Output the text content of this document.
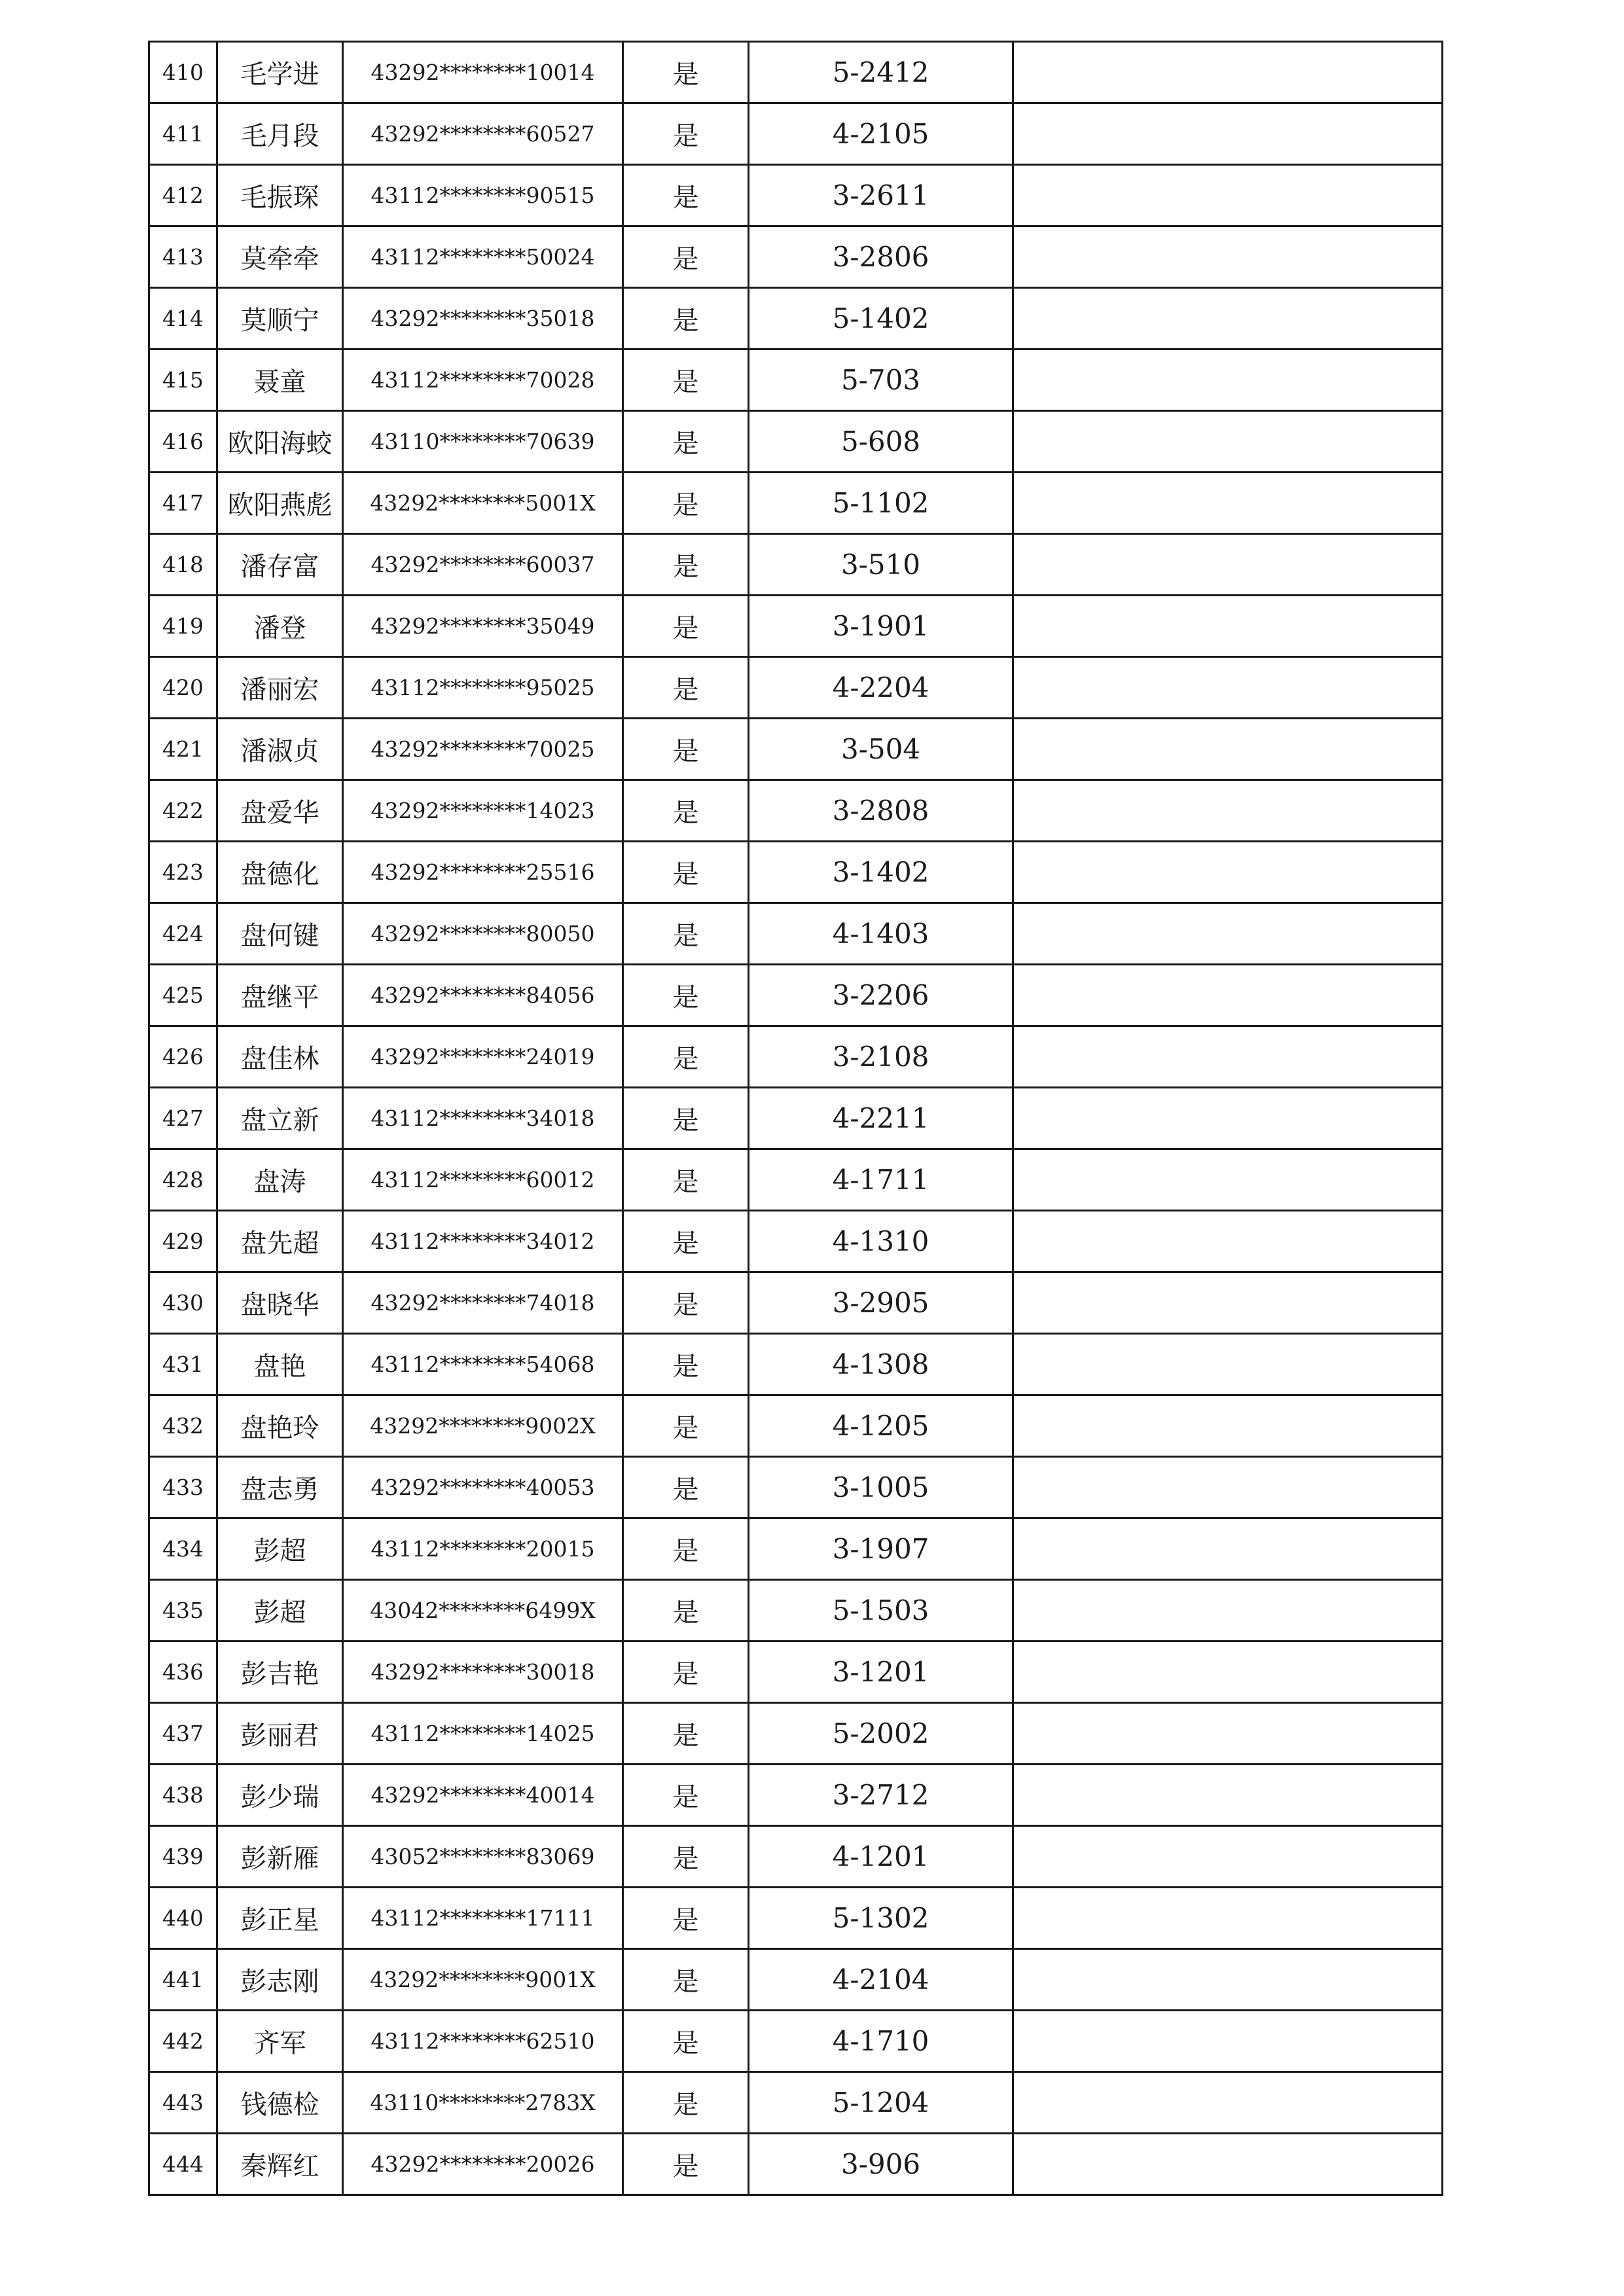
410	毛学进	43292********10014	是	5-2412	
411	毛月段	43292********60527	是	4-2105	
412	毛振琛	43112********90515	是	3-2611	
413	莫牵牵	43112********50024	是	3-2806	
414	莫顺宁	43292********35018	是	5-1402	
415	聂童	43112********70028	是	5-703	
416	欧阳海蛟	43110********70639	是	5-608	
417	欧阳燕彪	43292********5001X	是	5-1102	
418	潘存富	43292********60037	是	3-510	
419	潘登	43292********35049	是	3-1901	
420	潘丽宏	43112********95025	是	4-2204	
421	潘淑贞	43292********70025	是	3-504	
422	盘爱华	43292********14023	是	3-2808	
423	盘德化	43292********25516	是	3-1402	
424	盘何键	43292********80050	是	4-1403	
425	盘继平	43292********84056	是	3-2206	
426	盘佳林	43292********24019	是	3-2108	
427	盘立新	43112********34018	是	4-2211	
428	盘涛	43112********60012	是	4-1711	
429	盘先超	43112********34012	是	4-1310	
430	盘晓华	43292********74018	是	3-2905	
431	盘艳	43112********54068	是	4-1308	
432	盘艳玲	43292********9002X	是	4-1205	
433	盘志勇	43292********40053	是	3-1005	
434	彭超	43112********20015	是	3-1907	
435	彭超	43042********6499X	是	5-1503	
436	彭吉艳	43292********30018	是	3-1201	
437	彭丽君	43112********14025	是	5-2002	
438	彭少瑞	43292********40014	是	3-2712	
439	彭新雁	43052********83069	是	4-1201	
440	彭正星	43112********17111	是	5-1302	
441	彭志刚	43292********9001X	是	4-2104	
442	齐军	43112********62510	是	4-1710	
443	钱德检	43110********2783X	是	5-1204	
444	秦辉红	43292********20026	是	3-906	
